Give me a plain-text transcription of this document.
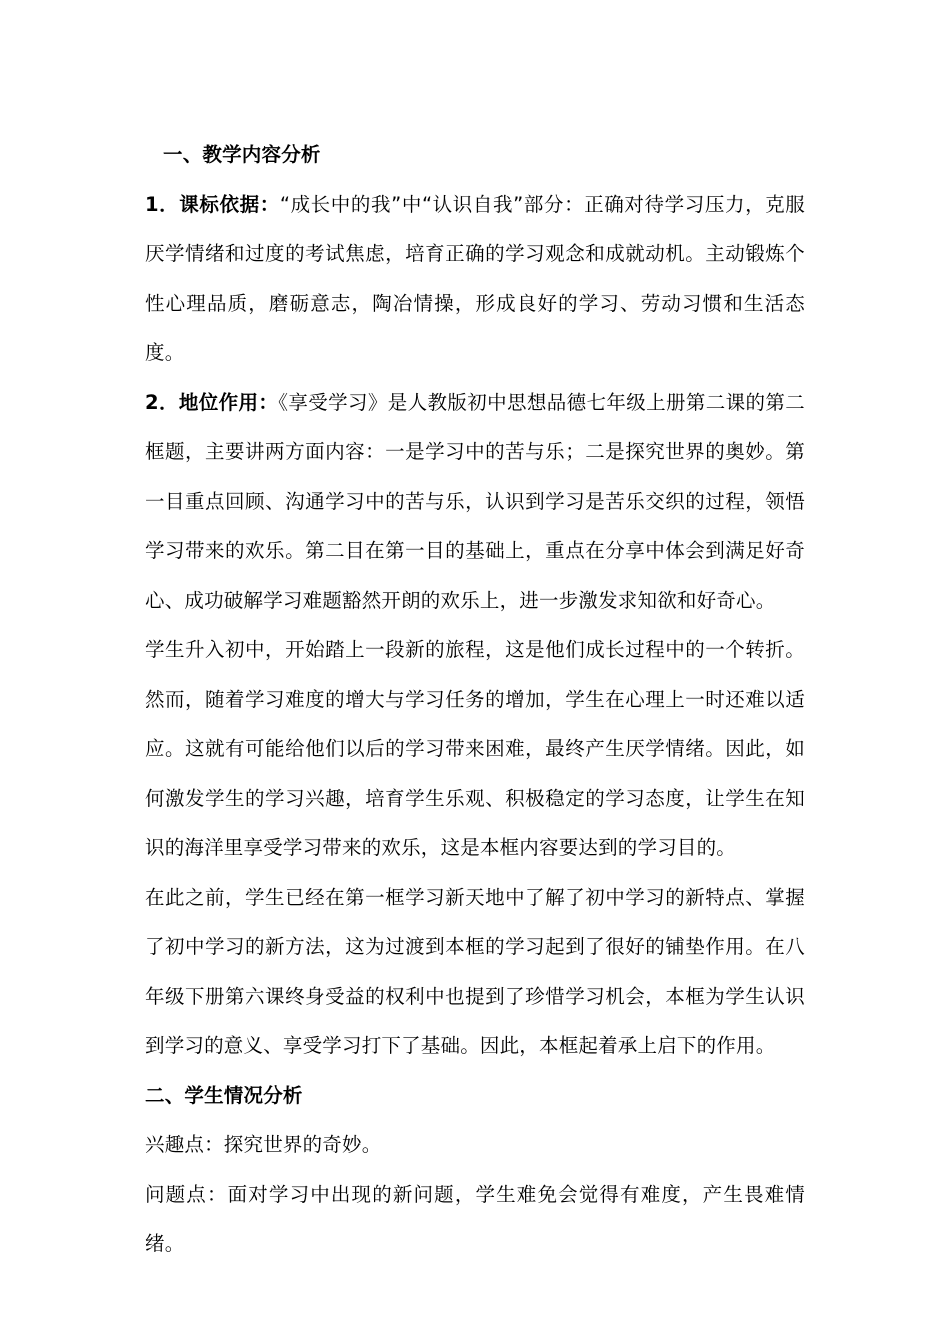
一、教学内容分析

1．课标依据：“成长中的我”中“认识自我”部分：正确对待学习压力，克服厌学情绪和过度的考试焦虑，培育正确的学习观念和成就动机。主动锻炼个性心理品质，磨砺意志，陶冶情操，形成良好的学习、劳动习惯和生活态度。

2．地位作用：《享受学习》是人教版初中思想品德七年级上册第二课的第二框题，主要讲两方面内容：一是学习中的苦与乐；二是探究世界的奥妙。第一目重点回顾、沟通学习中的苦与乐，认识到学习是苦乐交织的过程，领悟学习带来的欢乐。第二目在第一目的基础上，重点在分享中体会到满足好奇心、成功破解学习难题豁然开朗的欢乐上，进一步激发求知欲和好奇心。

学生升入初中，开始踏上一段新的旅程，这是他们成长过程中的一个转折。然而，随着学习难度的增大与学习任务的增加，学生在心理上一时还难以适应。这就有可能给他们以后的学习带来困难，最终产生厌学情绪。因此，如何激发学生的学习兴趣，培育学生乐观、积极稳定的学习态度，让学生在知识的海洋里享受学习带来的欢乐，这是本框内容要达到的学习目的。

在此之前，学生已经在第一框学习新天地中了解了初中学习的新特点、掌握了初中学习的新方法，这为过渡到本框的学习起到了很好的铺垫作用。在八年级下册第六课终身受益的权利中也提到了珍惜学习机会，本框为学生认识到学习的意义、享受学习打下了基础。因此，本框起着承上启下的作用。

二、学生情况分析

兴趣点：探究世界的奇妙。

问题点：面对学习中出现的新问题，学生难免会觉得有难度，产生畏难情绪。
